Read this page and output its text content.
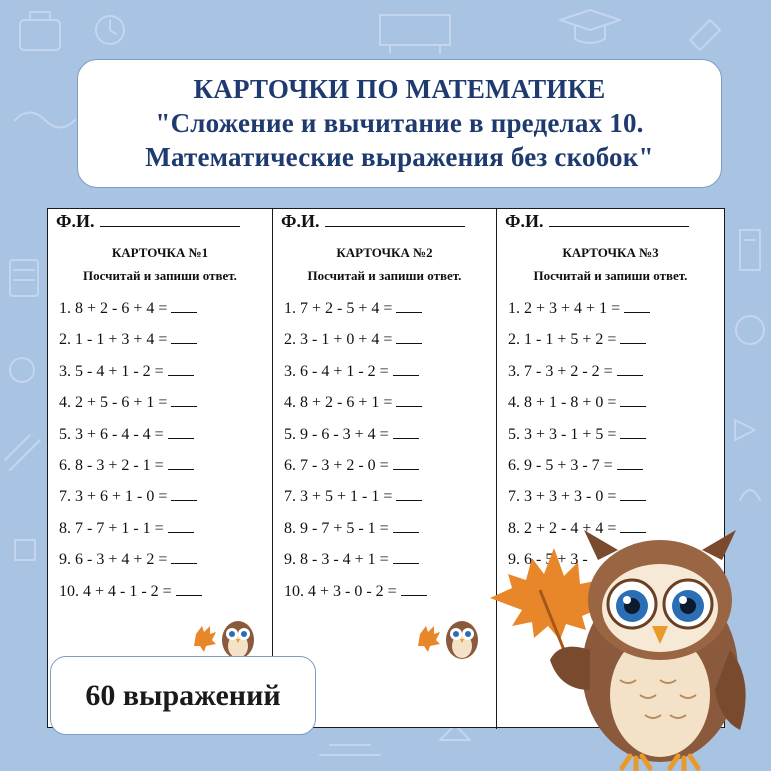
КАРТОЧКИ ПО МАТЕМАТИКЕ

"Сложение и вычитание в пределах 10.

Математические выражения без скобок"

Ф.И.
КАРТОЧКА №1
Посчитай и запиши ответ.
1. 8 + 2 - 6 + 4 =
2. 1 - 1 + 3 + 4 =
3. 5 - 4 + 1 - 2 =
4. 2 + 5 - 6 + 1 =
5. 3 + 6 - 4 - 4 =
6. 8 - 3 + 2 - 1 =
7. 3 + 6 + 1 - 0 =
8. 7 - 7 + 1 - 1 =
9. 6 - 3 + 4 + 2 =
10. 4 + 4 - 1 - 2 =
Ф.И.
КАРТОЧКА №2
Посчитай и запиши ответ.
1. 7 + 2 - 5 + 4 =
2. 3 - 1 + 0 + 4 =
3. 6 - 4 + 1 - 2 =
4. 8 + 2 - 6 + 1 =
5. 9 - 6 - 3 + 4 =
6. 7 - 3 + 2 - 0 =
7. 3 + 5 + 1 - 1 =
8. 9 - 7 + 5 - 1 =
9. 8 - 3 - 4 + 1 =
10. 4 + 3 - 0 - 2 =
Ф.И.
КАРТОЧКА №3
Посчитай и запиши ответ.
1. 2 + 3 + 4 + 1 =
2. 1 - 1 + 5 + 2 =
3. 7 - 3 + 2 - 2 =
4. 8 + 1 - 8 + 0 =
5. 3 + 3 - 1 + 5 =
6. 9 - 5 + 3 - 7 =
7. 3 + 3 + 3 - 0 =
8. 2 + 2 - 4 + 4 =
9. 6 - 5 + 3 -
60 выражений
